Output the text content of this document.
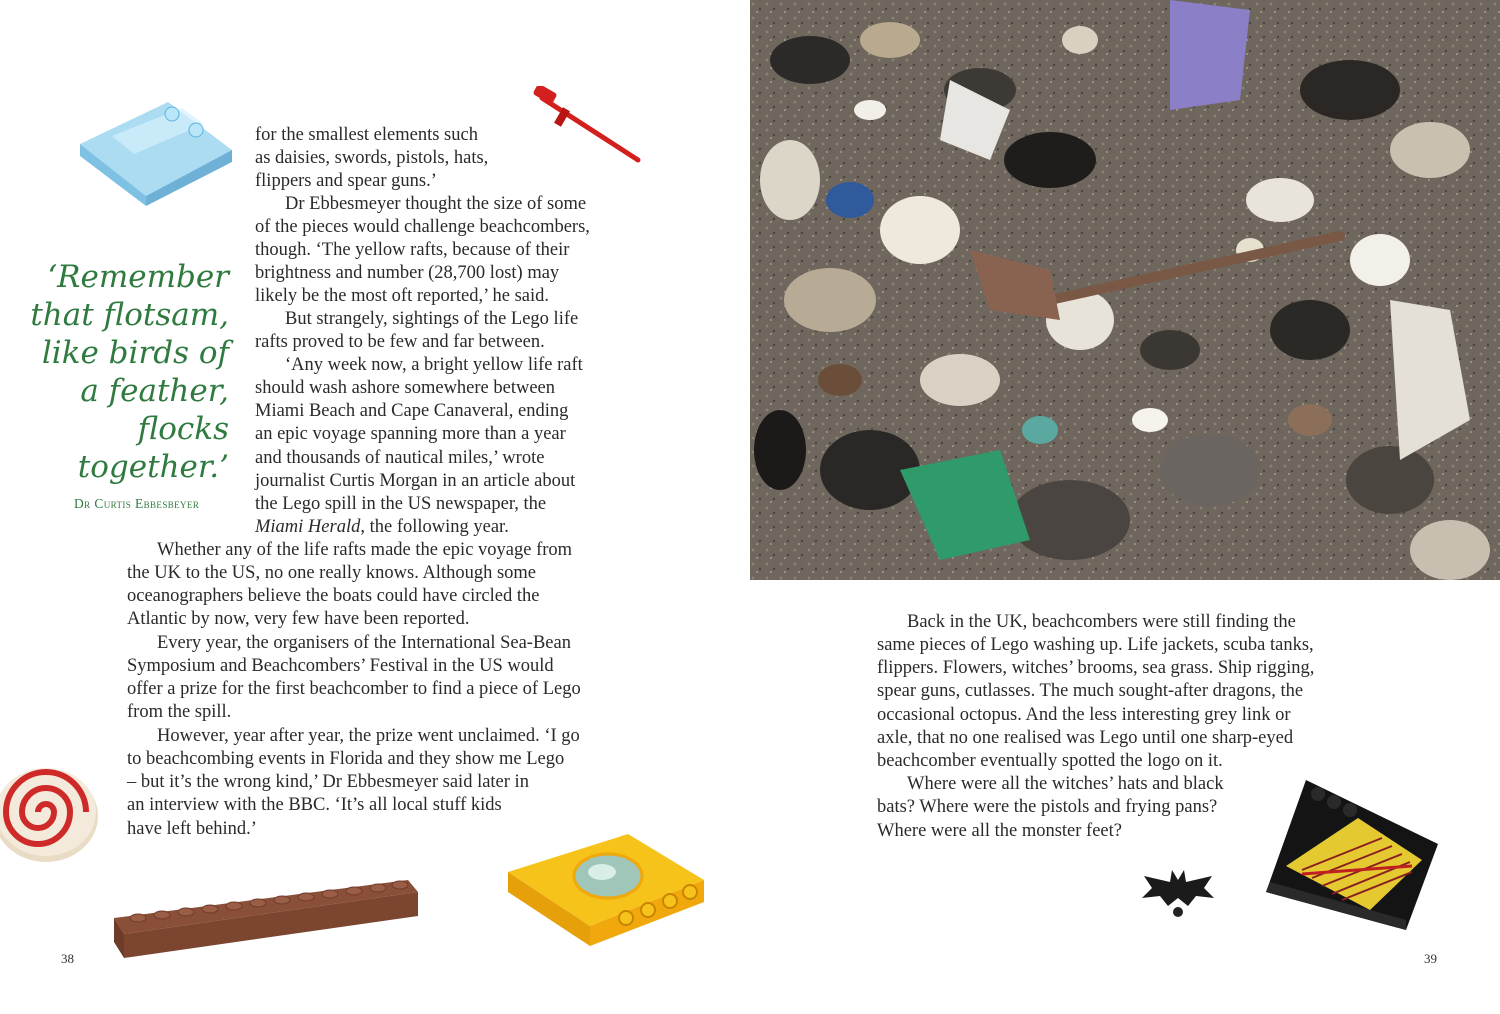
‘Remember
that flotsam,
like birds of
a feather,
flocks
together.’
Dr Curtis Ebbesbeyer
for the smallest elements such
as daisies, swords, pistols, hats,
flippers and spear guns.’
Dr Ebbesmeyer thought the size of some
of the pieces would challenge beachcombers,
though. ‘The yellow rafts, because of their
brightness and number (28,700 lost) may
likely be the most oft reported,’ he said.
But strangely, sightings of the Lego life
rafts proved to be few and far between.
‘Any week now, a bright yellow life raft
should wash ashore somewhere between
Miami Beach and Cape Canaveral, ending
an epic voyage spanning more than a year
and thousands of nautical miles,’ wrote
journalist Curtis Morgan in an article about
the Lego spill in the US newspaper, the
Miami Herald, the following year.
Whether any of the life rafts made the epic voyage from
the UK to the US, no one really knows. Although some
oceanographers believe the boats could have circled the
Atlantic by now, very few have been reported.
Every year, the organisers of the International Sea-Bean
Symposium and Beachcombers’ Festival in the US would
offer a prize for the first beachcomber to find a piece of Lego
from the spill.
However, year after year, the prize went unclaimed. ‘I go
to beachcombing events in Florida and they show me Lego
– but it’s the wrong kind,’ Dr Ebbesmeyer said later in
an interview with the BBC. ‘It’s all local stuff kids
have left behind.’
38
Back in the UK, beachcombers were still finding the
same pieces of Lego washing up. Life jackets, scuba tanks,
flippers. Flowers, witches’ brooms, sea grass. Ship rigging,
spear guns, cutlasses. The much sought-after dragons, the
occasional octopus. And the less interesting grey link or
axle, that no one realised was Lego until one sharp-eyed
beachcomber eventually spotted the logo on it.
Where were all the witches’ hats and black
bats? Where were the pistols and frying pans?
Where were all the monster feet?
39
